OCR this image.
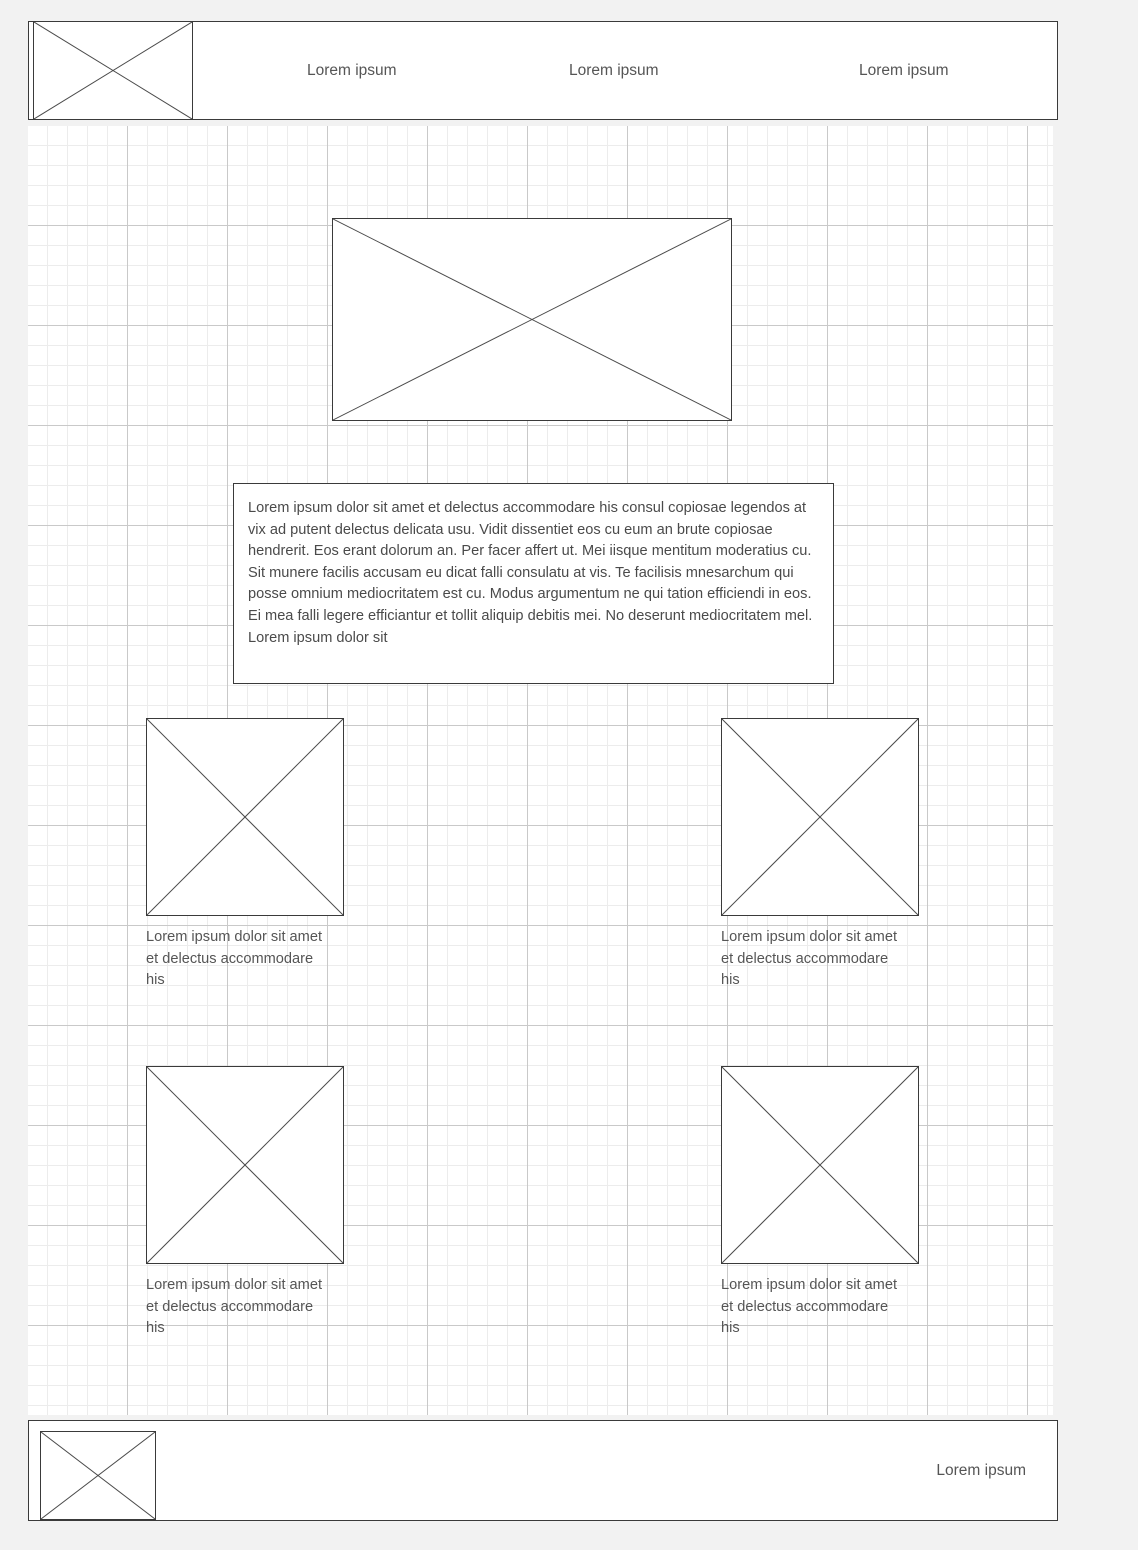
Lorem ipsum	Lorem ipsum	Lorem ipsum

Lorem ipsum dolor sit amet et delectus accommodare his consul copiosae legendos at vix ad putent delectus delicata usu. Vidit dissentiet eos cu eum an brute copiosae hendrerit. Eos erant dolorum an. Per facer affert ut. Mei iisque mentitum moderatius cu. Sit munere facilis accusam eu dicat falli consulatu at vis. Te facilisis mnesarchum qui posse omnium mediocritatem est cu. Modus argumentum ne qui tation efficiendi in eos. Ei mea falli legere efficiantur et tollit aliquip debitis mei. No deserunt mediocritatem mel. Lorem ipsum dolor sit

Lorem ipsum dolor sit amet et delectus accommodare his
Lorem ipsum dolor sit amet et delectus accommodare his
Lorem ipsum dolor sit amet et delectus accommodare his
Lorem ipsum dolor sit amet et delectus accommodare his
Lorem ipsum
